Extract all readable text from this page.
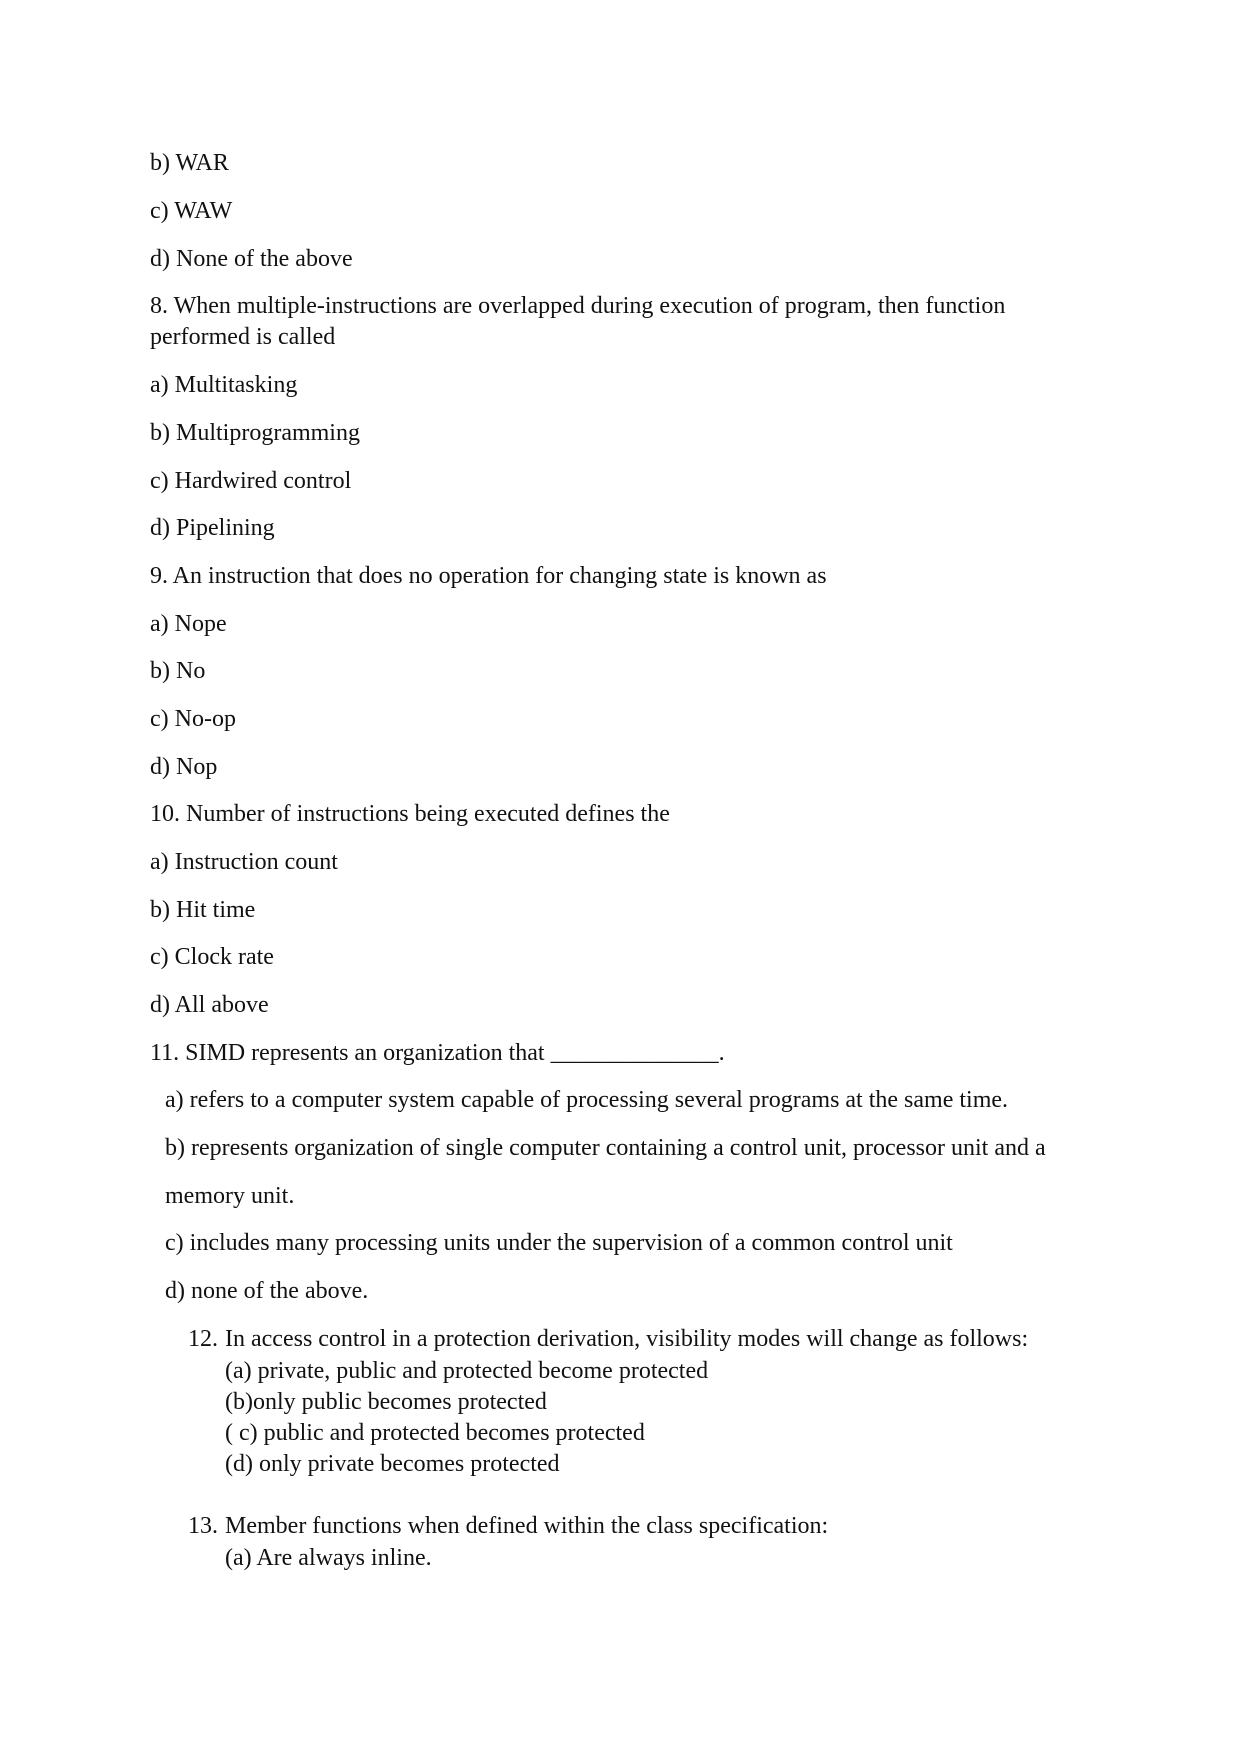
b) WAR
c) WAW
d) None of the above
8. When multiple-instructions are overlapped during execution of program, then function performed is called
a) Multitasking
b) Multiprogramming
c) Hardwired control
d) Pipelining
9. An instruction that does no operation for changing state is known as
a) Nope
b) No
c) No-op
d) Nop
10. Number of instructions being executed defines the
a) Instruction count
b) Hit time
c) Clock rate
d) All above
11. SIMD represents an organization that ______________.
a) refers to a computer system capable of processing several programs at the same time.
b) represents organization of single computer containing a control unit, processor unit and a
memory unit.
c) includes many processing units under the supervision of a common control unit
d) none of the above.
12. In access control in a protection derivation, visibility modes will change as follows:
(a) private, public and protected become protected
(b)only public becomes protected
( c) public and protected becomes protected
(d) only private becomes protected
13. Member functions when defined within the class specification:
(a) Are always inline.
